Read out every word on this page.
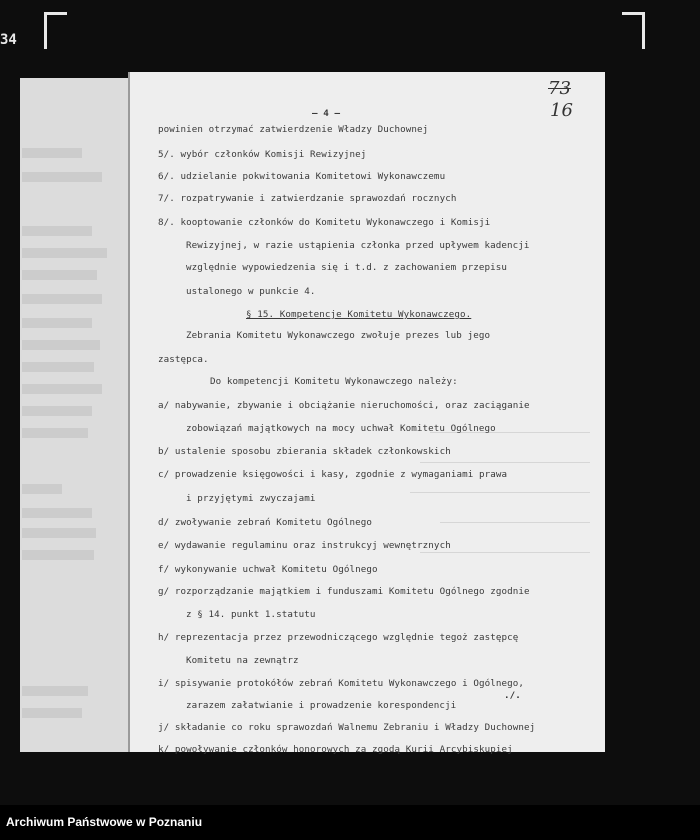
34
73
16
— 4 —
powinien otrzymać zatwierdzenie Władzy Duchownej
5/. wybór członków Komisji Rewizyjnej
6/. udzielanie pokwitowania Komitetowi Wykonawczemu
7/. rozpatrywanie i zatwierdzanie sprawozdań rocznych
8/. kooptowanie członków do Komitetu Wykonawczego i Komisji
Rewizyjnej, w razie ustąpienia członka przed upływem kadencji
względnie wypowiedzenia się i t.d. z zachowaniem przepisu
ustalonego w punkcie 4.
§ 15. Kompetencje Komitetu Wykonawczego.
Zebrania Komitetu Wykonawczego zwołuje prezes lub jego
zastępca.
Do kompetencji Komitetu Wykonawczego należy:
a/ nabywanie, zbywanie i obciążanie nieruchomości, oraz zaciąganie
zobowiązań majątkowych na mocy uchwał Komitetu Ogólnego
b/ ustalenie sposobu zbierania składek członkowskich
c/ prowadzenie księgowości i kasy, zgodnie z wymaganiami prawa
i przyjętymi zwyczajami
d/ zwoływanie zebrań Komitetu Ogólnego
e/ wydawanie regulaminu oraz instrukcyj wewnętrznych
f/ wykonywanie uchwał Komitetu Ogólnego
g/ rozporządzanie majątkiem i funduszami Komitetu Ogólnego zgodnie
z § 14. punkt 1.statutu
h/ reprezentacja przez przewodniczącego względnie tegoż zastępcę
Komitetu na zewnątrz
i/ spisywanie protokółów zebrań Komitetu Wykonawczego i Ogólnego,
zarazem załatwianie i prowadzenie korespondencji
j/ składanie co roku sprawozdań Walnemu Zebraniu i Władzy Duchownej
k/ powoływanie członków honorowych za zgodą Kurii Arcybiskupiej
./.
Archiwum Państwowe w Poznaniu
